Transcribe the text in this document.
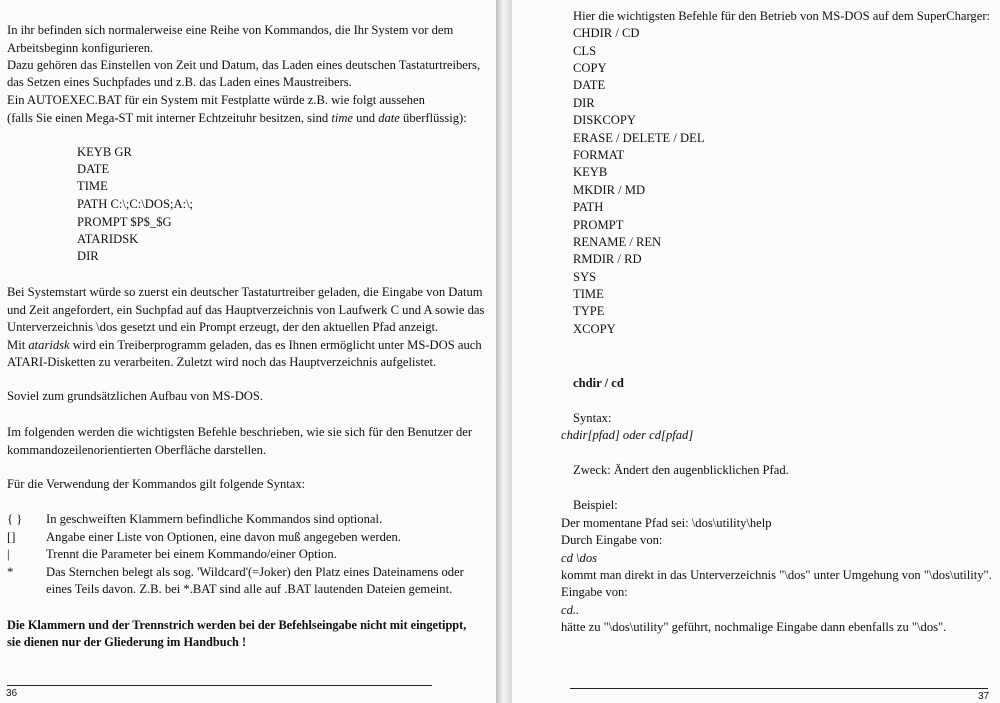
In ihr befinden sich normalerweise eine Reihe von Kommandos, die Ihr System vor dem
Arbeitsbeginn konfigurieren.
Dazu gehören das Einstellen von Zeit und Datum, das Laden eines deutschen Tastaturtreibers,
das Setzen eines Suchpfades und z.B. das Laden eines Maustreibers.
Ein AUTOEXEC.BAT für ein System mit Festplatte würde z.B. wie folgt aussehen
(falls Sie einen Mega-ST mit interner Echtzeituhr besitzen, sind time und date überflüssig):
KEYB GR
DATE
TIME
PATH C:\;C:\DOS;A:\;
PROMPT $P$_$G
ATARIDSK
DIR
Bei Systemstart würde so zuerst ein deutscher Tastaturtreiber geladen, die Eingabe von Datum
und Zeit angefordert, ein Suchpfad auf das Hauptverzeichnis von Laufwerk C und A sowie das
Unterverzeichnis \dos gesetzt und ein Prompt erzeugt, der den aktuellen Pfad anzeigt.
Mit ataridsk wird ein Treiberprogramm geladen, das es Ihnen ermöglicht unter MS-DOS auch
ATARI-Disketten zu verarbeiten. Zuletzt wird noch das Hauptverzeichnis aufgelistet.
Soviel zum grundsätzlichen Aufbau von MS-DOS.
Im folgenden werden die wichtigsten Befehle beschrieben, wie sie sich für den Benutzer der
kommandozeilenorientierten Oberfläche darstellen.
Für die Verwendung der Kommandos gilt folgende Syntax:
{ } In geschweiften Klammern befindliche Kommandos sind optional.
[] Angabe einer Liste von Optionen, eine davon muß angegeben werden.
|	Trennt die Parameter bei einem Kommando/einer Option.
*	Das Sternchen belegt als sog. 'Wildcard'(=Joker) den Platz eines Dateinamens oder
eines Teils davon. Z.B. bei *.BAT sind alle auf .BAT lautenden Dateien gemeint.
Die Klammern und der Trennstrich werden bei der Befehlseingabe nicht mit eingetippt,
sie dienen nur der Gliederung im Handbuch !
36
Hier die wichtigsten Befehle für den Betrieb von MS-DOS auf dem SuperCharger:
CHDIR / CD
CLS
COPY
DATE
DIR
DISKCOPY
ERASE / DELETE / DEL
FORMAT
KEYB
MKDIR / MD
PATH
PROMPT
RENAME / REN
RMDIR / RD
SYS
TIME
TYPE
XCOPY
chdir / cd
Syntax:
chdir[pfad] oder cd[pfad]
Zweck: Ändert den augenblicklichen Pfad.
Beispiel:
Der momentane Pfad sei: \dos\utility\help
Durch Eingabe von:
cd \dos
kommt man direkt in das Unterverzeichnis "\dos" unter Umgehung von "\dos\utility".
Eingabe von:
cd..
hätte zu "\dos\utility" geführt, nochmalige Eingabe dann ebenfalls zu "\dos".
37
